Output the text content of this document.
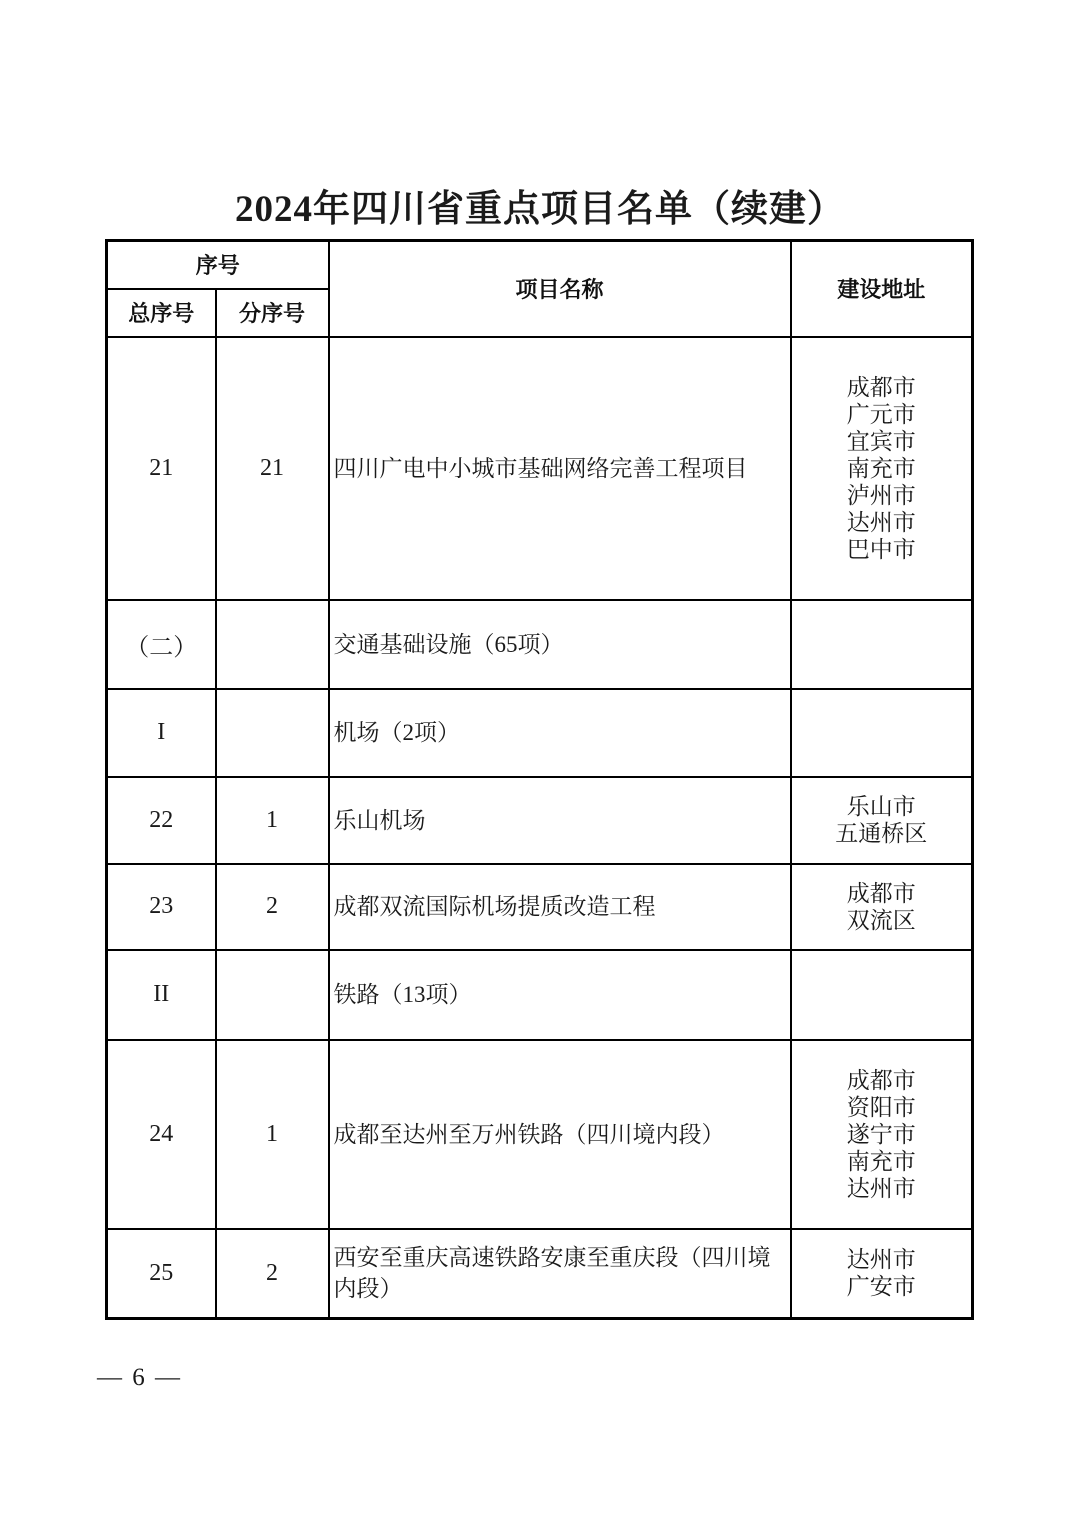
2024年四川省重点项目名单（续建）
序号		项目名称	建设地址
总序号	分序号		
21	21	四川广电中小城市基础网络完善工程项目	
成都市
广元市
宜宾市
南充市
泸州市
达州市
巴中市

（二）		交通基础设施（65项）	
I		机场（2项）	
22	1	乐山机场	乐山市
五通桥区

23	2	成都双流国际机场提质改造工程	成都市
双流区

II		铁路（13项）	
24	1	成都至达州至万州铁路（四川境内段）	成都市
资阳市
遂宁市
南充市
达州市

25	2	西安至重庆高速铁路安康至重庆段（四川境内段）	达州市
广安市
— 6 —
